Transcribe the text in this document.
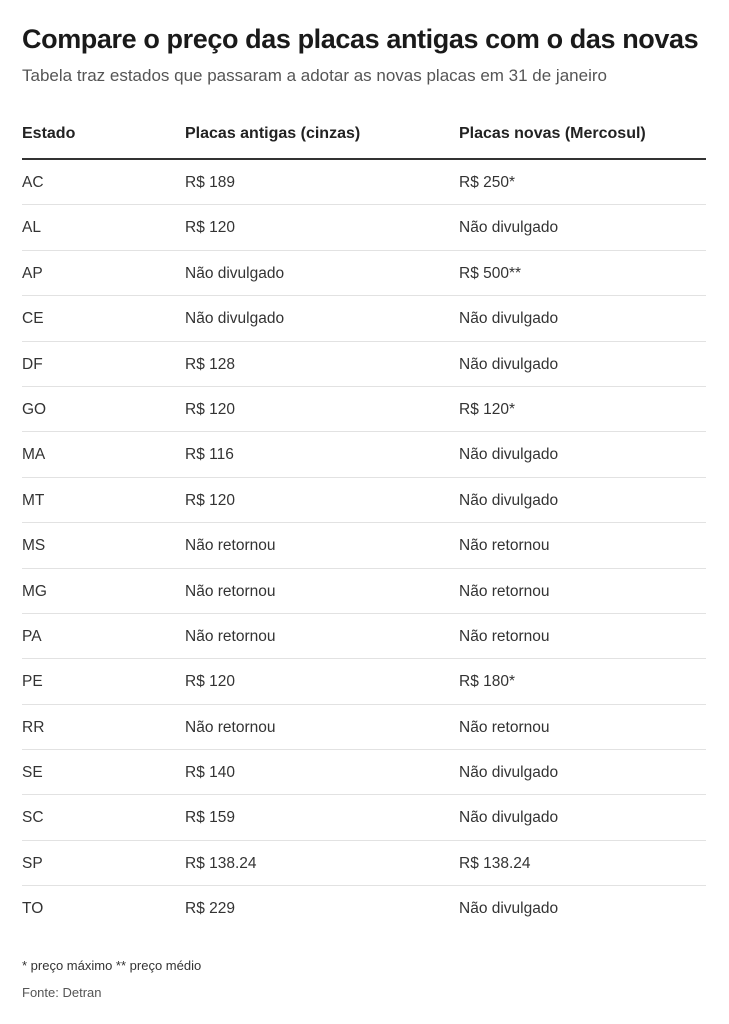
Compare o preço das placas antigas com o das novas
Tabela traz estados que passaram a adotar as novas placas em 31 de janeiro
Estado	Placas antigas (cinzas)	Placas novas (Mercosul)
AC	R$ 189	R$ 250*
AL	R$ 120	Não divulgado
AP	Não divulgado	R$ 500**
CE	Não divulgado	Não divulgado
DF	R$ 128	Não divulgado
GO	R$ 120	R$ 120*
MA	R$ 116	Não divulgado
MT	R$ 120	Não divulgado
MS	Não retornou	Não retornou
MG	Não retornou	Não retornou
PA	Não retornou	Não retornou
PE	R$ 120	R$ 180*
RR	Não retornou	Não retornou
SE	R$ 140	Não divulgado
SC	R$ 159	Não divulgado
SP	R$ 138.24	R$ 138.24
TO	R$ 229	Não divulgado
* preço máximo ** preço médio
Fonte: Detran
